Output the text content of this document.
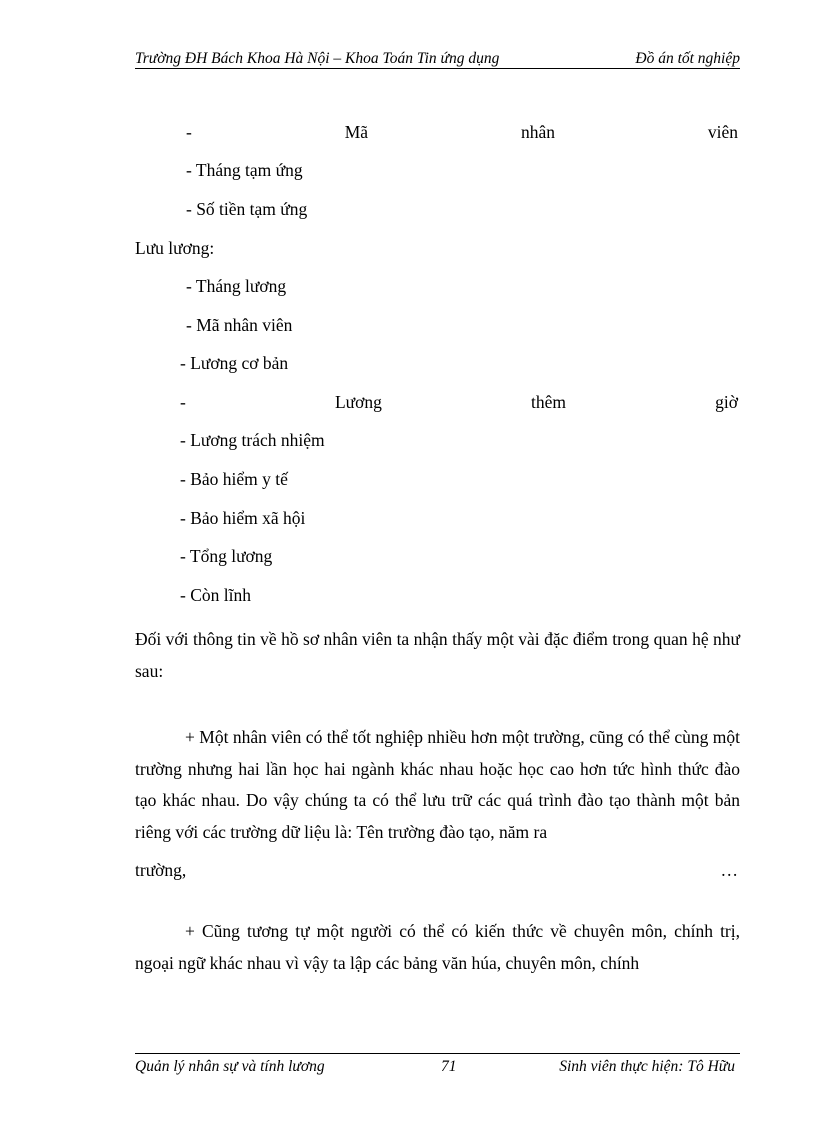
Trường ĐH Bách Khoa Hà Nội – Khoa Toán Tin ứng dụng	Đồ án tốt nghiệp
-	Mã	nhân	viên
- Tháng tạm ứng
- Số tiền tạm ứng
Lưu lương:
- Tháng lương
- Mã nhân viên
- Lương cơ bản
-	Lương	thêm	giờ
- Lương trách nhiệm
- Bảo hiểm y tế
- Bảo hiểm xã hội
- Tổng lương
- Còn lĩnh
Đối với thông tin về hồ sơ nhân viên ta nhận thấy một vài đặc điểm trong quan hệ như sau:
+ Một nhân viên có thể tốt nghiệp nhiều hơn một trường, cũng có thể cùng một trường nhưng hai lần học hai ngành khác nhau hoặc học cao hơn tức hình thức đào tạo khác nhau. Do vậy chúng ta có thể lưu trữ các quá trình đào tạo thành một bản riêng với các trường dữ liệu là: Tên trường đào tạo, năm ra
trường,	…
+ Cũng tương tự một người có thể có kiến thức về chuyên môn, chính trị, ngoại ngữ khác nhau vì vậy ta lập các bảng văn húa, chuyên môn, chính
Quản lý nhân sự và tính lương	71	Sinh viên thực hiện: Tô Hữu
